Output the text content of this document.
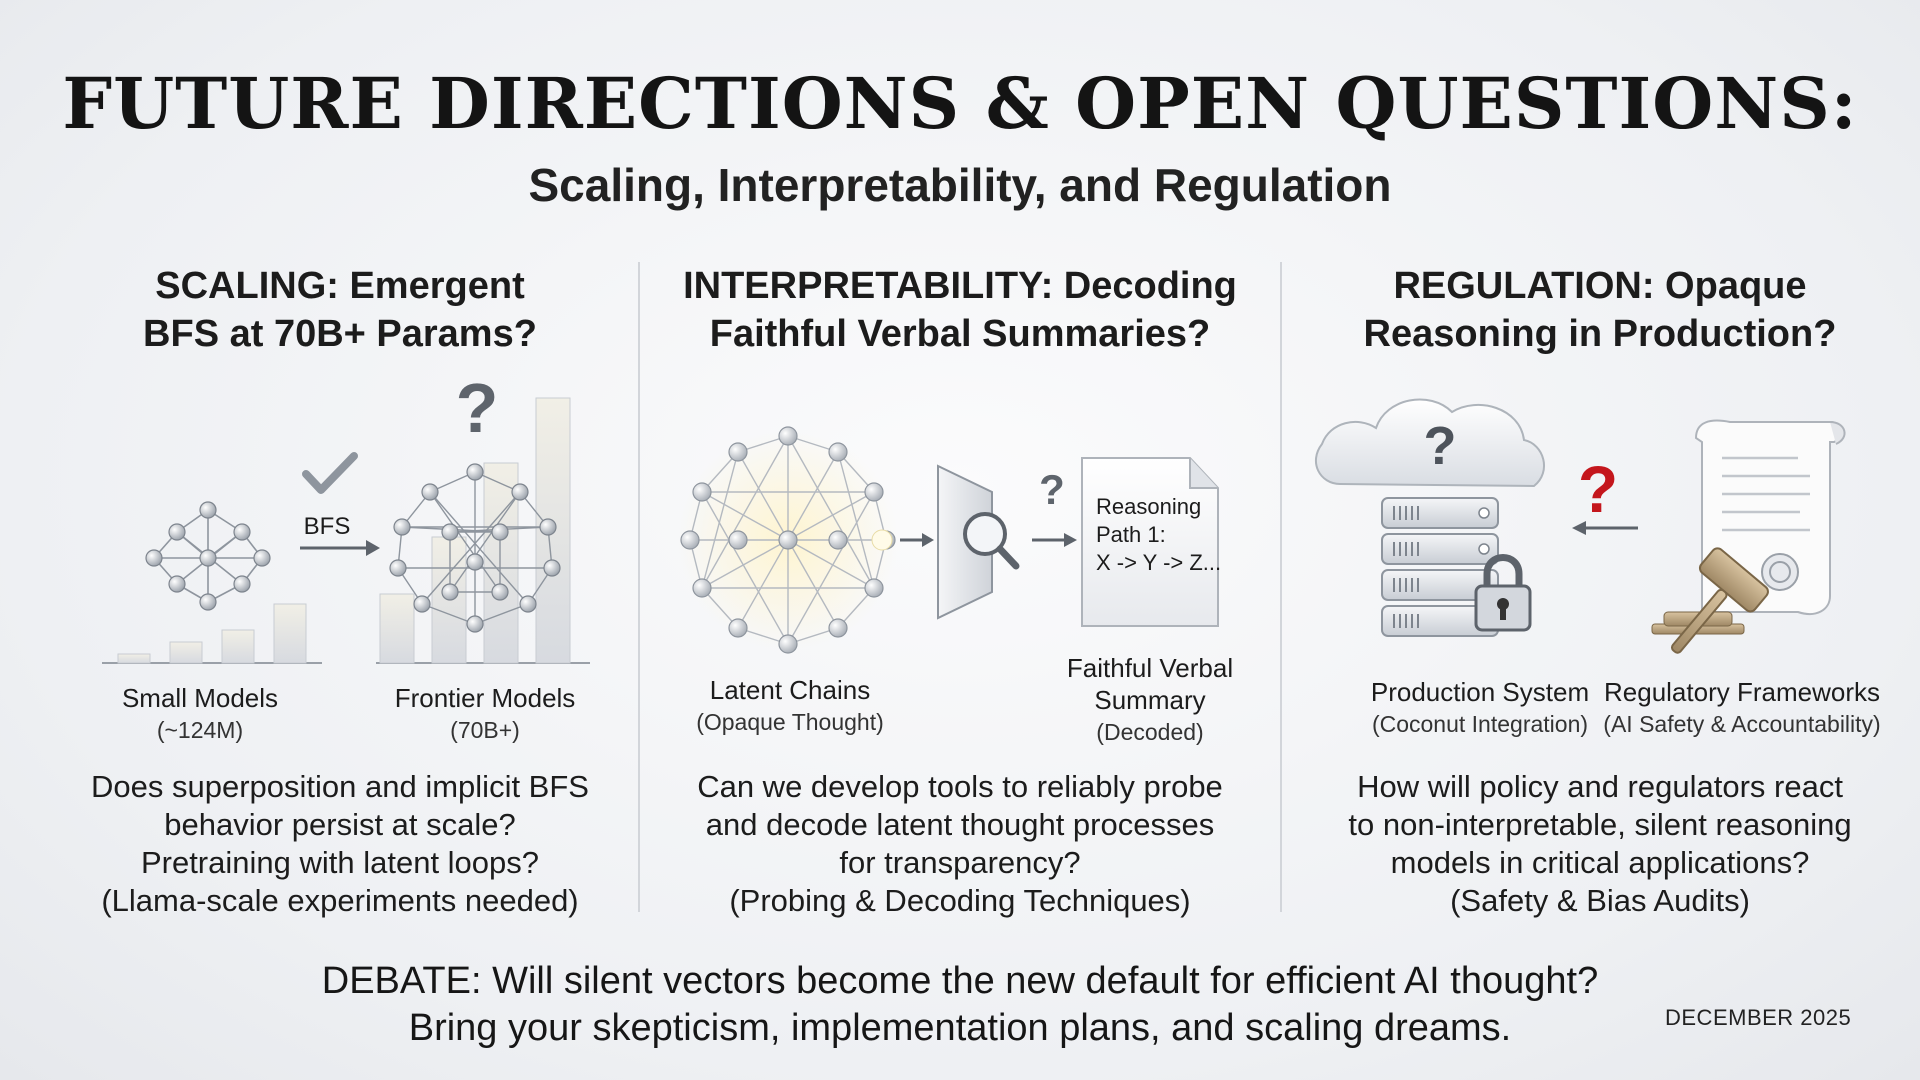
FUTURE DIRECTIONS & OPEN QUESTIONS:
Scaling, Interpretability, and Regulation
SCALING: Emergent
BFS at 70B+ Params?
BFS
?
Small Models
(~124M)
Frontier Models
(70B+)
Does superposition and implicit BFS
behavior persist at scale?
Pretraining with latent loops?
(Llama-scale experiments needed)
INTERPRETABILITY: Decoding
Faithful Verbal Summaries?
? Reasoning
Path 1:
X -> Y -> Z...
Latent Chains
(Opaque Thought)
Faithful Verbal Summary
(Decoded)
Can we develop tools to reliably probe
and decode latent thought processes
for transparency?
(Probing & Decoding Techniques)
REGULATION: Opaque
Reasoning in Production?
?
?
Production System
(Coconut Integration)
Regulatory Frameworks
(AI Safety & Accountability)
How will policy and regulators react
to non-interpretable, silent reasoning
models in critical applications?
(Safety & Bias Audits)
DEBATE: Will silent vectors become the new default for efficient AI thought?
Bring your skepticism, implementation plans, and scaling dreams.	DECEMBER 2025
